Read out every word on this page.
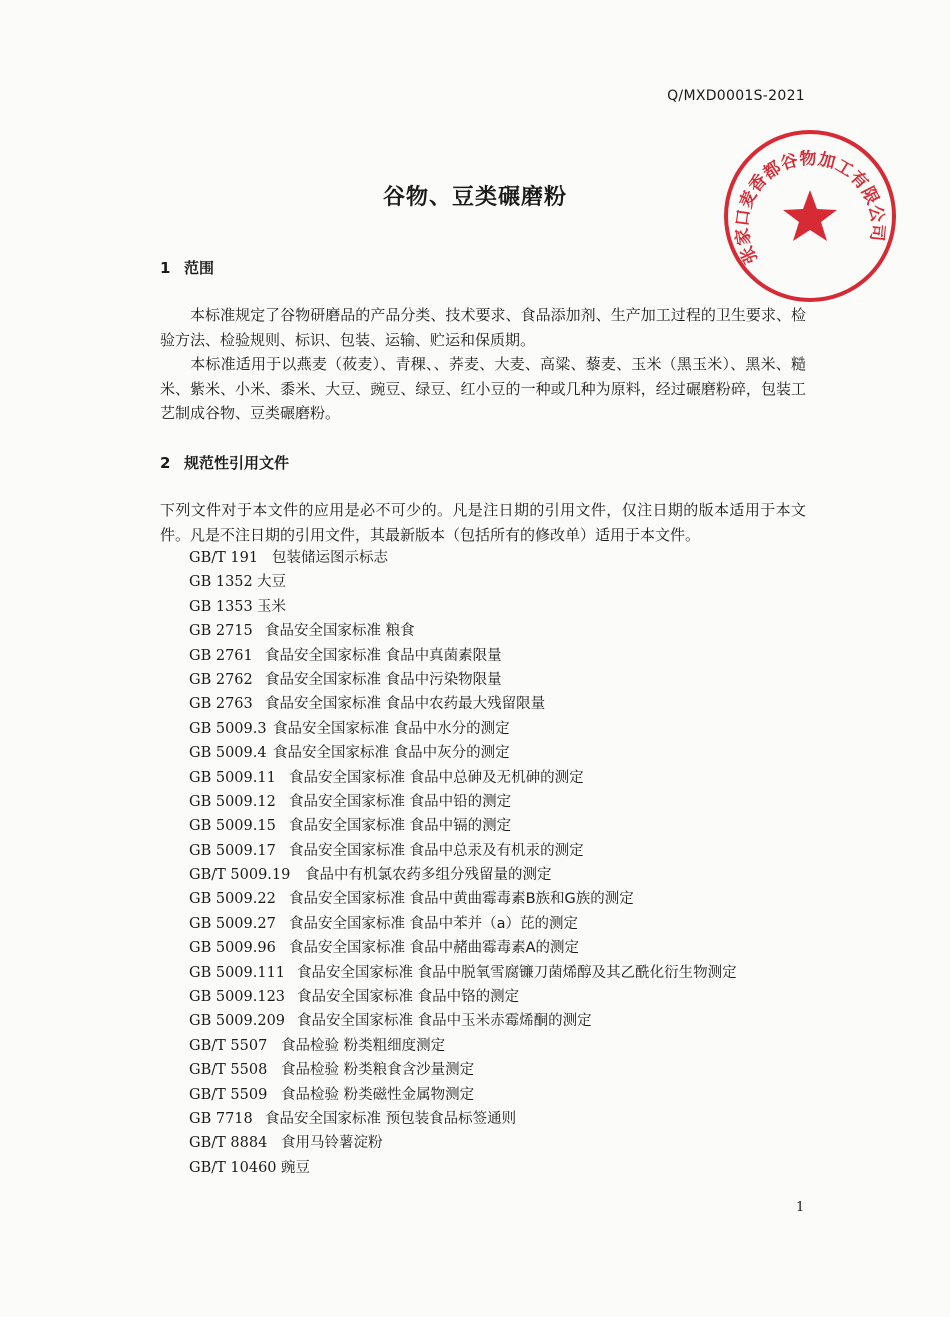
Q/MXD0001S-2021
张家口麦香都谷物加工有限公司
谷物、豆类碾磨粉
1 范围

本标准规定了谷物研磨品的产品分类、技术要求、食品添加剂、生产加工过程的卫生要求、检验方法、检验规则、标识、包装、运输、贮运和保质期。

本标准适用于以燕麦（莜麦）、青稞、、荞麦、大麦、高粱、藜麦、玉米（黑玉米）、黑米、糙米、紫米、小米、黍米、大豆、豌豆、绿豆、红小豆的一种或几种为原料，经过碾磨粉碎，包装工艺制成谷物、豆类碾磨粉。

2 规范性引用文件

下列文件对于本文件的应用是必不可少的。凡是注日期的引用文件，仅注日期的版本适用于本文件。凡是不注日期的引用文件，其最新版本（包括所有的修改单）适用于本文件。

GB/T 191 包装储运图示标志
GB 1352 大豆
GB 1353 玉米
GB 2715 食品安全国家标准 粮食
GB 2761 食品安全国家标准 食品中真菌素限量
GB 2762 食品安全国家标准 食品中污染物限量
GB 2763 食品安全国家标准 食品中农药最大残留限量
GB 5009.3 食品安全国家标准 食品中水分的测定
GB 5009.4 食品安全国家标准 食品中灰分的测定
GB 5009.11 食品安全国家标准 食品中总砷及无机砷的测定
GB 5009.12 食品安全国家标准 食品中铅的测定
GB 5009.15 食品安全国家标准 食品中镉的测定
GB 5009.17 食品安全国家标准 食品中总汞及有机汞的测定
GB/T 5009.19 食品中有机氯农药多组分残留量的测定
GB 5009.22 食品安全国家标准 食品中黄曲霉毒素B族和G族的测定
GB 5009.27 食品安全国家标准 食品中苯并（a）芘的测定
GB 5009.96 食品安全国家标准 食品中赭曲霉毒素A的测定
GB 5009.111 食品安全国家标准 食品中脱氧雪腐镰刀菌烯醇及其乙酰化衍生物测定
GB 5009.123 食品安全国家标准 食品中铬的测定
GB 5009.209 食品安全国家标准 食品中玉米赤霉烯酮的测定
GB/T 5507 食品检验 粉类粗细度测定
GB/T 5508 食品检验 粉类粮食含沙量测定
GB/T 5509 食品检验 粉类磁性金属物测定
GB 7718 食品安全国家标准 预包装食品标签通则
GB/T 8884 食用马铃薯淀粉
GB/T 10460 豌豆
1
